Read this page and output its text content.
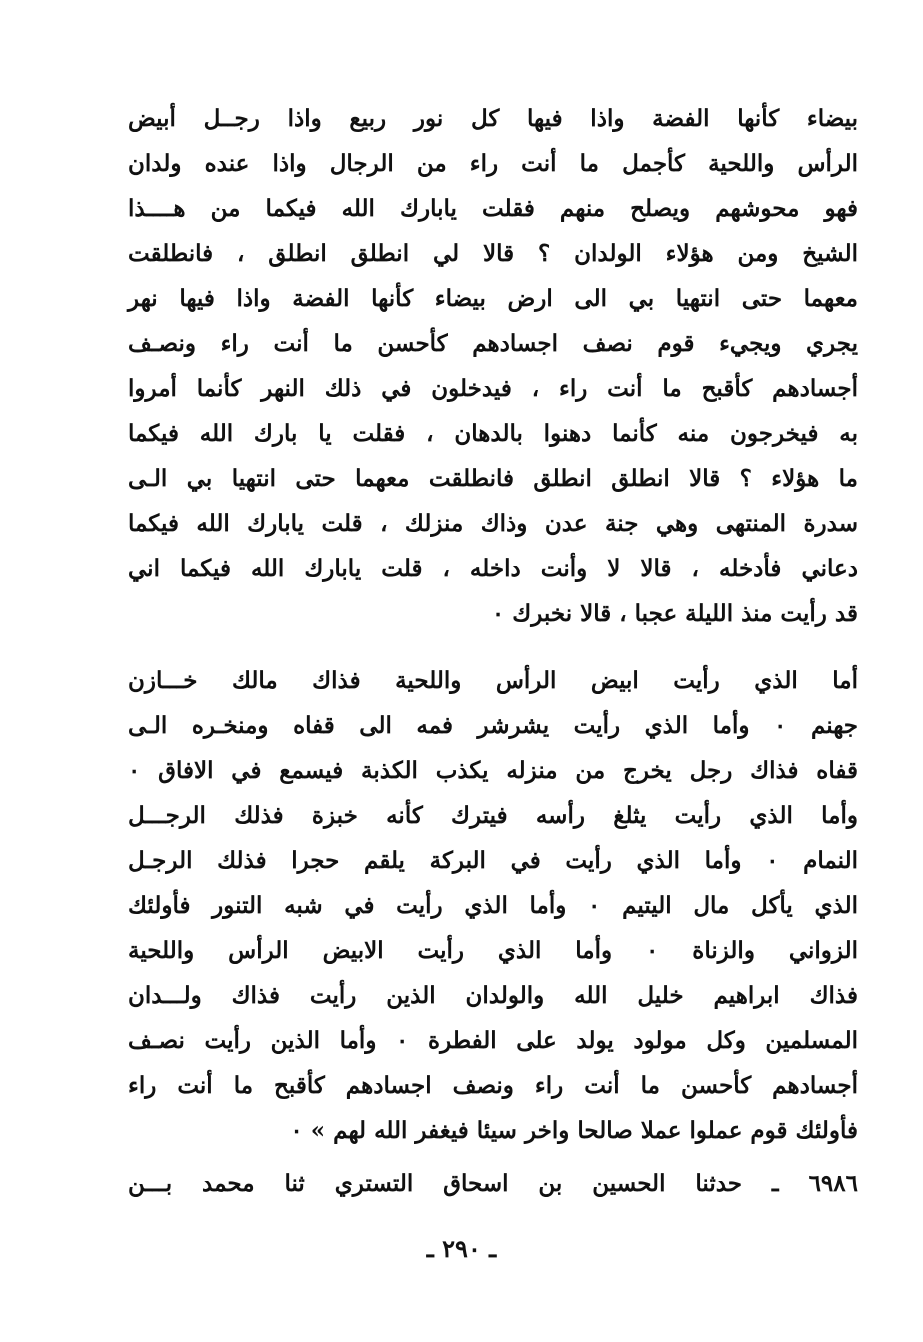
بيضاء كأنها الفضة واذا فيها كل نور ربيع واذا رجــل أبيض
الرأس واللحية كأجمل ما أنت راء من الرجال واذا عنده ولدان
فهو محوشهم ويصلح منهم فقلت يابارك الله فيكما من هــــذا
الشيخ ومن هؤلاء الولدان ؟ قالا لي انطلق انطلق ، فانطلقت
معهما حتى انتهيا بي الى ارض بيضاء كأنها الفضة واذا فيها نهر
يجري ويجيء قوم نصف اجسادهم كأحسن ما أنت راء ونصـف
أجسادهم كأقبح ما أنت راء ، فيدخلون في ذلك النهر كأنما أمروا
به فيخرجون منه كأنما دهنوا بالدهان ، فقلت يا بارك الله فيكما
ما هؤلاء ؟ قالا انطلق انطلق فانطلقت معهما حتى انتهيا بي الـى
سدرة المنتهى وهي جنة عدن وذاك منزلك ، قلت يابارك الله فيكما
دعاني فأدخله ، قالا لا وأنت داخله ، قلت يابارك الله فيكما اني
قد رأيت منذ الليلة عجبا ، قالا نخبرك ٠
أما الذي رأيت ابيض الرأس واللحية فذاك مالك خـــازن
جهنم ٠ وأما الذي رأيت يشرشر فمه الى قفاه ومنخـره الـى
قفاه فذاك رجل يخرج من منزله يكذب الكذبة فيسمع في الافاق ٠
وأما الذي رأيت يثلغ رأسه فيترك كأنه خبزة فذلك الرجـــل
النمام ٠ وأما الذي رأيت في البركة يلقم حجرا فذلك الرجـل
الذي يأكل مال اليتيم ٠ وأما الذي رأيت في شبه التنور فأولئك
الزواني والزناة ٠ وأما الذي رأيت الابيض الرأس واللحية
فذاك ابراهيم خليل الله والولدان الذين رأيت فذاك ولـــدان
المسلمين وكل مولود يولد على الفطرة ٠ وأما الذين رأيت نصـف
أجسادهم كأحسن ما أنت راء ونصف اجسادهم كأقبح ما أنت راء
فأولئك قوم عملوا عملا صالحا واخر سيئا فيغفر الله لهم » ٠
٦٩٨٦ ـ حدثنا الحسين بن اسحاق التستري ثنا محمد بـــن
ـ ٢٩٠ ـ
